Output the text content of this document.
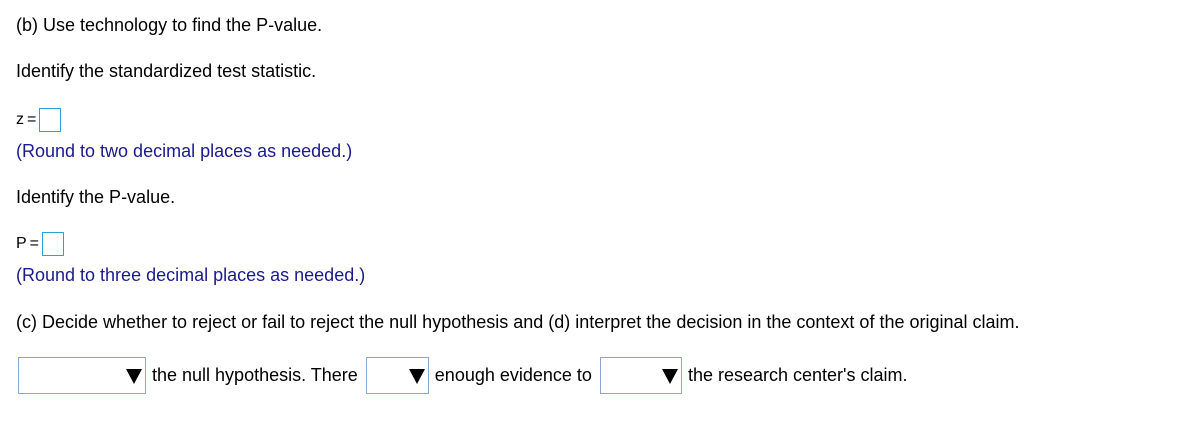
(b) Use technology to find the P-value.
Identify the standardized test statistic.
z =
(Round to two decimal places as needed.)
Identify the P-value.
P =
(Round to three decimal places as needed.)
(c) Decide whether to reject or fail to reject the null hypothesis and (d) interpret the decision in the context of the original claim.
the null hypothesis. There	enough evidence to	the research center's claim.
